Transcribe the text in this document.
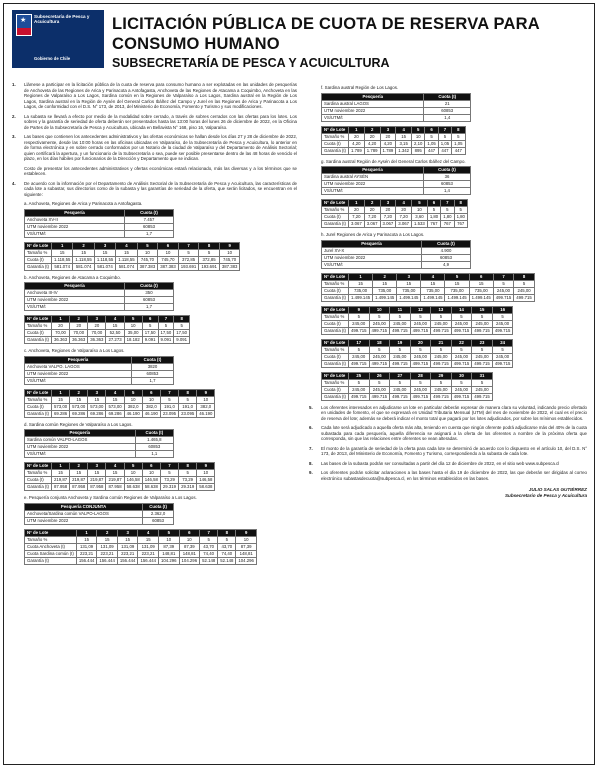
★
Subsecretaría de Pesca y Acuicultura
Gobierno de Chile
LICITACIÓN PÚBLICA DE CUOTA DE RESERVA PARA CONSUMO HUMANO
SUBSECRETARÍA DE PESCA Y ACUICULTURA
1.	Llámese a participar en la licitación pública de la cuota de reserva para consumo humano a ser explotadas en las unidades de pesquerías de Anchoveta de las Regiones de Arica y Parinacota a Antofagasta, Anchoveta de las Regiones de Atacama a Coquimbo, Anchoveta en las Regiones de Valparaíso a Los Lagos, Sardina común en la Regiones de Valparaíso a Los Lagos, Sardina austral en la Región de Los Lagos, Sardina austral en la Región de Aysén del General Carlos Ibáñez del Campo y Jurel en las Regiones de Arica y Parinacota a Los Lagos, de conformidad con el D.S. N° 173, de 2013, del Ministerio de Economía, Fomento y Turismo y sus modificaciones.
2.	La subasta se llevará a efecto por medio de la modalidad sobre cerrado, a través de sobres cerrados con las ofertas para los lotes. Los sobres y la garantía de seriedad de oferta deberán ser presentados hasta las 13:00 horas del lunes 26 de diciembre de 2022, en la Oficina de Partes de la Subsecretaría de Pesca y Acuicultura, ubicada en Bellavista N° 168, piso 16, Valparaíso.
3.	Las bases que contienen los antecedentes administrativos y las ofertas económicas se hallan desde los días 27 y 28 de diciembre de 2022, respectivamente, desde las 10:00 horas en las oficinas ubicadas en Valparaíso, de la Subsecretaría de Pesca y Acuicultura, lo anterior en de forma electrónica y en sobre cerrado conformados por un Notario de la ciudad de Valparaíso y del Departamento de Análisis Sectorial; quien certificará la apertura, y un funcionario de la Subsecretaría o sea, puede ser posible presentarse dentro de las 48 horas de vencido el plazo, en los días hábiles por funcionarios de la Dirección y Departamento que se indican.
Costo de presentar los antecedentes administrativos y ofertas económicas estará relacionado, más las diversas y a los términos que se establecen.
4.	De acuerdo con la información por el Departamento de Análisis Sectorial de la Subsecretaría de Pesca y Acuicultura, las características de cada lote a subastar, sus directorios como de la subasta y las garantías de seriedad de la oferta, que serán licitados, se encuentran en el siguiente:
a. Anchoveta, Regiones de Arica y Parinacota a Antofagasta.
Pesquería	Cuota (t)
Anchoveta XV-II	7.457
UTM noviembre 2022	60853
VS/UTM/t	1,7
N° de Lote	1	2	3	4	5	6	7	8	9
Tamaño %	15	15	15	15	10	10	5	5	10
Cuota (t)	1.118,55	1.118,55	1.118,55	1.118,55	745,70	745,70	372,85	372,85	745,70
Garantía (t)	581.074	581.074	581.074	581.074	387.383	387.383	193.691	193.691	387.383
b. Anchoveta, Regiones de Atacama a Coquimbo.
Pesquería	Cuota (t)
Anchoveta III-IV	350
UTM noviembre 2022	60853
VS/UTM/t	1,7
N° de Lote	1	2	3	4	5	6	7	8
Tamaño %	20	20	20	15	10	5	5	5
Cuota (t)	70,00	70,00	70,00	52,50	35,00	17,50	17,50	17,50
Garantía (t)	36.363	36.363	36.363	27.273	18.182	9.091	9.091	9.091
c. Anchoveta, Regiones de Valparaíso a Los Lagos.
Pesquería	Cuota (t)
Anchoveta VALPO. LAGOS	3820
UTM noviembre 2022	60853
VS/UTM/t	1,7
N° de Lote	1	2	3	4	5	6	7	8	9
Tamaño %	15	15	15	15	10	10	5	5	10
Cuota (t)	573,00	573,00	573,00	573,00	382,0	382,0	191,0	191,0	382,0
Garantía (t)	69.286	69.286	69.286	69.286	46.190	46.190	23.095	23.095	46.190
d. Sardina común Regiones de Valparaíso a Los Lagos.
Pesquería	Cuota (t)
Sardina común VALPO-LAGOS	1.465,8
UTM noviembre 2022	60853
VS/UTM/t	1,1
N° de Lote	1	2	3	4	5	6	7	8	9
Tamaño %	15	15	15	15	10	10	5	5	10
Cuota (t)	219,87	219,87	219,87	219,87	146,58	146,58	73,29	73,29	146,58
Garantía (t)	87.958	87.958	87.958	87.958	58.638	58.638	29.319	29.319	58.638
e. Pesquería conjunta Anchoveta y Sardina común Regiones de Valparaíso a Los Lagos.
Pesquería CONJUNTA	Cuota (t)
Anchoveta/Sardina común VALPO-LAGOS	2.362,0
UTM noviembre 2022	60853
N° de Lote	1	2	3	4	5	6	7	8	9
Tamaño %	15	15	15	15	10	10	5	5	10
Cuota Anchoveta (t)	131,09	131,09	131,09	131,09	87,39	87,39	43,70	43,70	87,39
Cuota Sardina común (t)	223,21	223,21	223,21	223,21	148,81	148,81	74,40	74,40	148,81
Garantía (t)	156.444	156.444	156.444	156.444	104.296	104.296	52.148	52.148	104.296
f. Sardina austral Región de Los Lagos.
Pesquería	Cuota (t)
Sardina austral LAGOS	21
UTM noviembre 2022	60853
VS/UTM/t	1,4
N° de Lote	1	2	3	4	5	6	7	8
Tamaño %	20	20	20	15	10	5	5	5
Cuota (t)	4,20	4,20	4,20	3,15	2,10	1,05	1,05	1,05
Garantía (t)	1.789	1.789	1.789	1.342	895	447	447	447
g. Sardina austral Región de Aysén del General Carlos Ibáñez del Campo.
Pesquería	Cuota (t)
Sardina austral AYSÉN	36
UTM noviembre 2022	60853
VS/UTM/t	1,4
N° de Lote	1	2	3	4	5	6	7	8
Tamaño %	20	20	20	20	10	5	5	5
Cuota (t)	7,20	7,20	7,20	7,20	3,60	1,80	1,80	1,80
Garantía (t)	3.067	3.067	3.067	3.067	1.533	767	767	767
h. Jurel Regiones de Arica y Parinacota a Los Lagos.
Pesquería	Cuota (t)
Jurel XV-X	4.900
UTM noviembre 2022	60853
VS/UTM/t	4,9
N° de Lote	1	2	3	4	5	6	7	8
Tamaño %	15	15	15	15	15	15	5	5
Cuota (t)	735,00	735,00	735,00	735,00	735,00	735,00	245,00	245,00
Garantía (t)	1.499.145	1.499.145	1.499.145	1.499.145	1.499.145	1.499.145	499.715	499.715
N° de Lote	9	10	11	12	13	14	15	16
Tamaño %	5	5	5	5	5	5	5	5
Cuota (t)	245,00	245,00	245,00	245,00	245,00	245,00	245,00	245,00
Garantía (t)	499.715	499.715	499.715	499.715	499.715	499.715	499.715	499.715
N° de Lote	17	18	19	20	21	22	23	24
Tamaño %	5	5	5	5	5	5	5	5
Cuota (t)	245,00	245,00	245,00	245,00	245,00	245,00	245,00	245,00
Garantía (t)	499.715	499.715	499.715	499.715	499.715	499.715	499.715	499.715
N° de Lote	25	26	27	28	29	30	31
Tamaño %	5	5	5	5	5	5	5
Cuota (t)	245,00	245,00	245,00	245,00	245,00	245,00	245,00
Garantía (t)	499.715	499.715	499.715	499.715	499.715	499.715	499.715
5.	Los oferentes interesados en adjudicarse un lote en particular deberán expresar de manera clara su voluntad, indicando precio ofertado en unidades de fomento, el que se expresará en Unidad Tributaria Mensual (UTM) del mes de noviembre de 2022, el cual es el precio de reserva del lote; además se deberá indicar el monto total que pagará por los lotes adjudicados, por sobre los mínimos establecidos.
6.	Cada lote será adjudicado a aquella oferta más alta, teniendo en cuenta que ningún oferente podrá adjudicarse más del 40% de la cuota subastada para cada pesquería, aquella diferencia se asignará a la oferta de los oferentes a nombre de la próxima oferta que corresponda, sin que las relaciones entre oferentes se vean alteradas.
7.	El monto de la garantía de seriedad de la oferta para cada lote se determinó de acuerdo con lo dispuesto en el artículo 10, del D.S. N° 173, de 2013, del Ministerio de Economía, Fomento y Turismo, correspondiendo a la subasta de cada lote.
8.	Las bases de la subasta podrán ser consultadas a partir del día 12 de diciembre de 2022, en el sitio web www.subpesca.cl
9.	Los oferentes podrán solicitar aclaraciones a las bases hasta el día 19 de diciembre de 2022, las que deberán ser dirigidas al correo electrónico subastasdecuota@subpesca.cl, en los términos establecidos en las bases.
JULIO SALAS GUTIÉRREZ
Subsecretario de Pesca y Acuicultura
